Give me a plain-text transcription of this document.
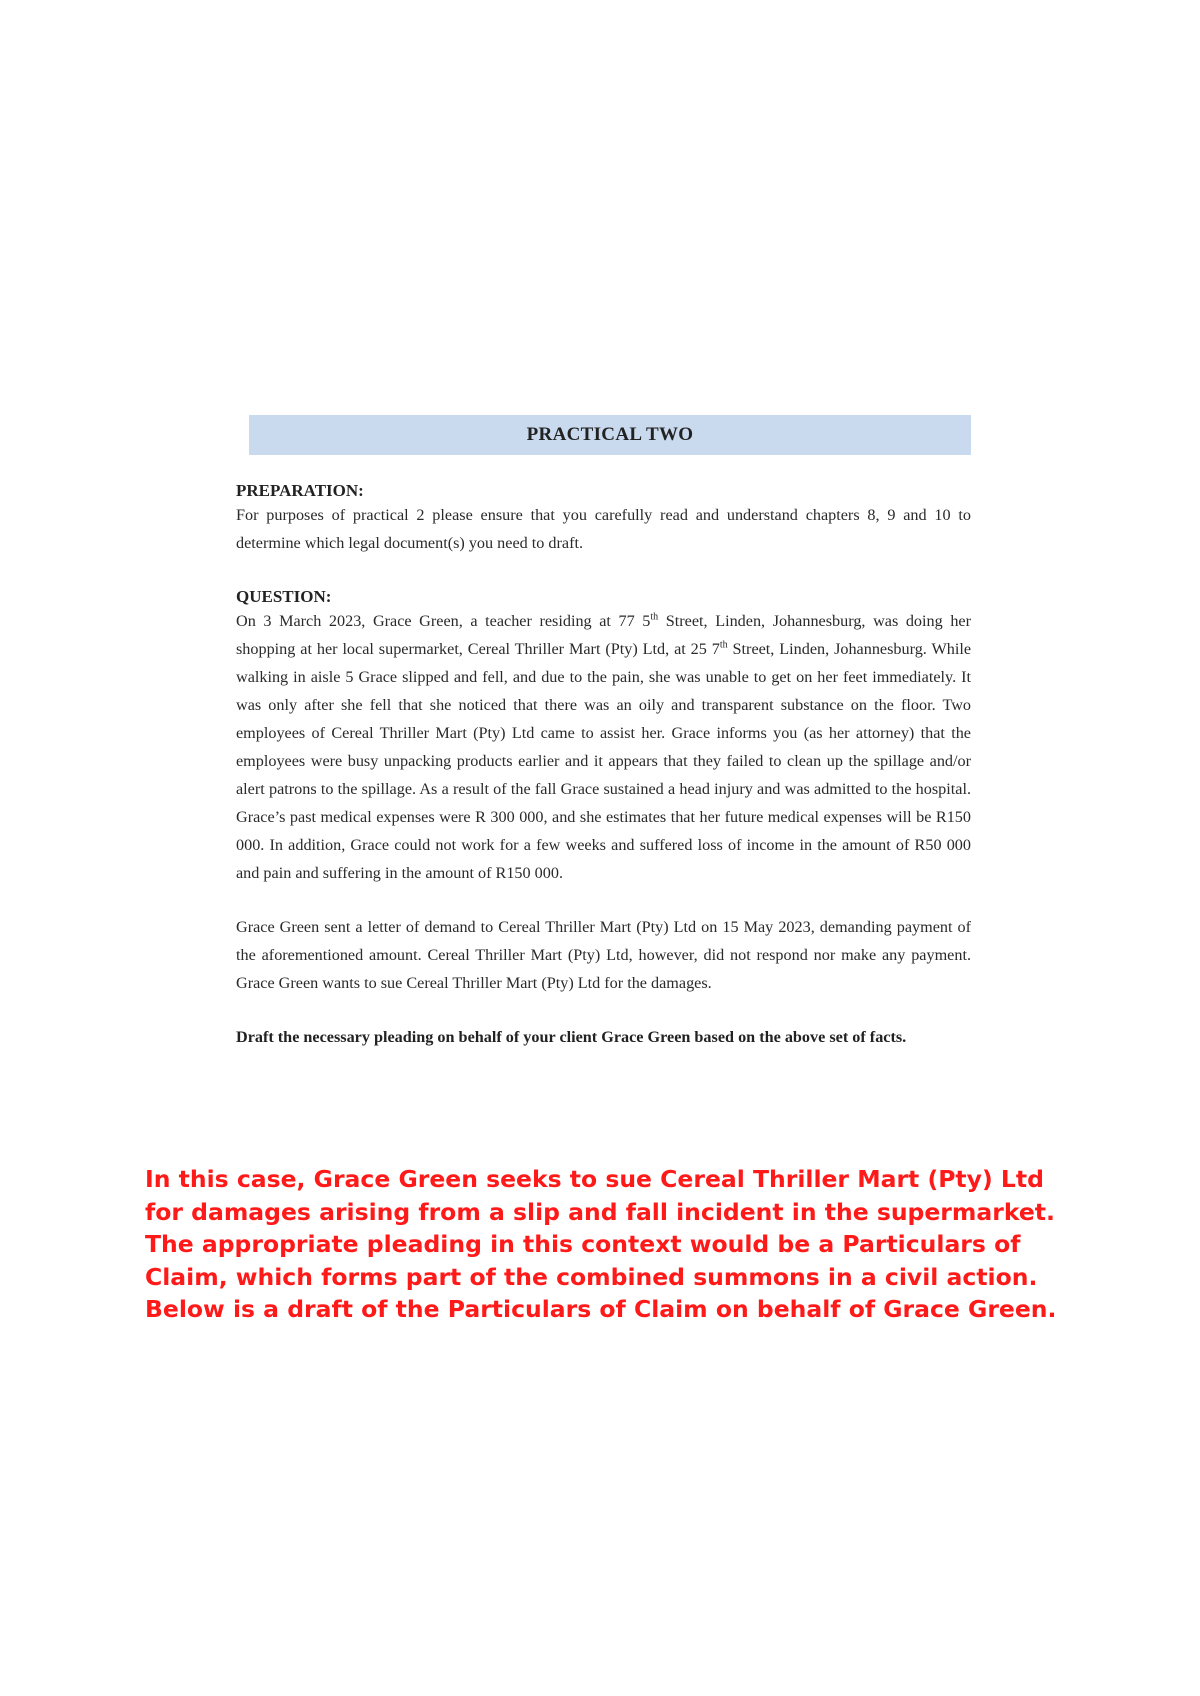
PRACTICAL TWO

PREPARATION:

For purposes of practical 2 please ensure that you carefully read and understand chapters 8, 9 and 10 to determine which legal document(s) you need to draft.

QUESTION:

On 3 March 2023, Grace Green, a teacher residing at 77 5th Street, Linden, Johannesburg, was doing her shopping at her local supermarket, Cereal Thriller Mart (Pty) Ltd, at 25 7th Street, Linden, Johannesburg. While walking in aisle 5 Grace slipped and fell, and due to the pain, she was unable to get on her feet immediately. It was only after she fell that she noticed that there was an oily and transparent substance on the floor. Two employees of Cereal Thriller Mart (Pty) Ltd came to assist her. Grace informs you (as her attorney) that the employees were busy unpacking products earlier and it appears that they failed to clean up the spillage and/or alert patrons to the spillage. As a result of the fall Grace sustained a head injury and was admitted to the hospital. Grace’s past medical expenses were R 300 000, and she estimates that her future medical expenses will be R150 000. In addition, Grace could not work for a few weeks and suffered loss of income in the amount of R50 000 and pain and suffering in the amount of R150 000.

Grace Green sent a letter of demand to Cereal Thriller Mart (Pty) Ltd on 15 May 2023, demanding payment of the aforementioned amount. Cereal Thriller Mart (Pty) Ltd, however, did not respond nor make any payment. Grace Green wants to sue Cereal Thriller Mart (Pty) Ltd for the damages.

Draft the necessary pleading on behalf of your client Grace Green based on the above set of facts.

In this case, Grace Green seeks to sue Cereal Thriller Mart (Pty) Ltd for damages arising from a slip and fall incident in the supermarket. The appropriate pleading in this context would be a Particulars of Claim, which forms part of the combined summons in a civil action. Below is a draft of the Particulars of Claim on behalf of Grace Green.
